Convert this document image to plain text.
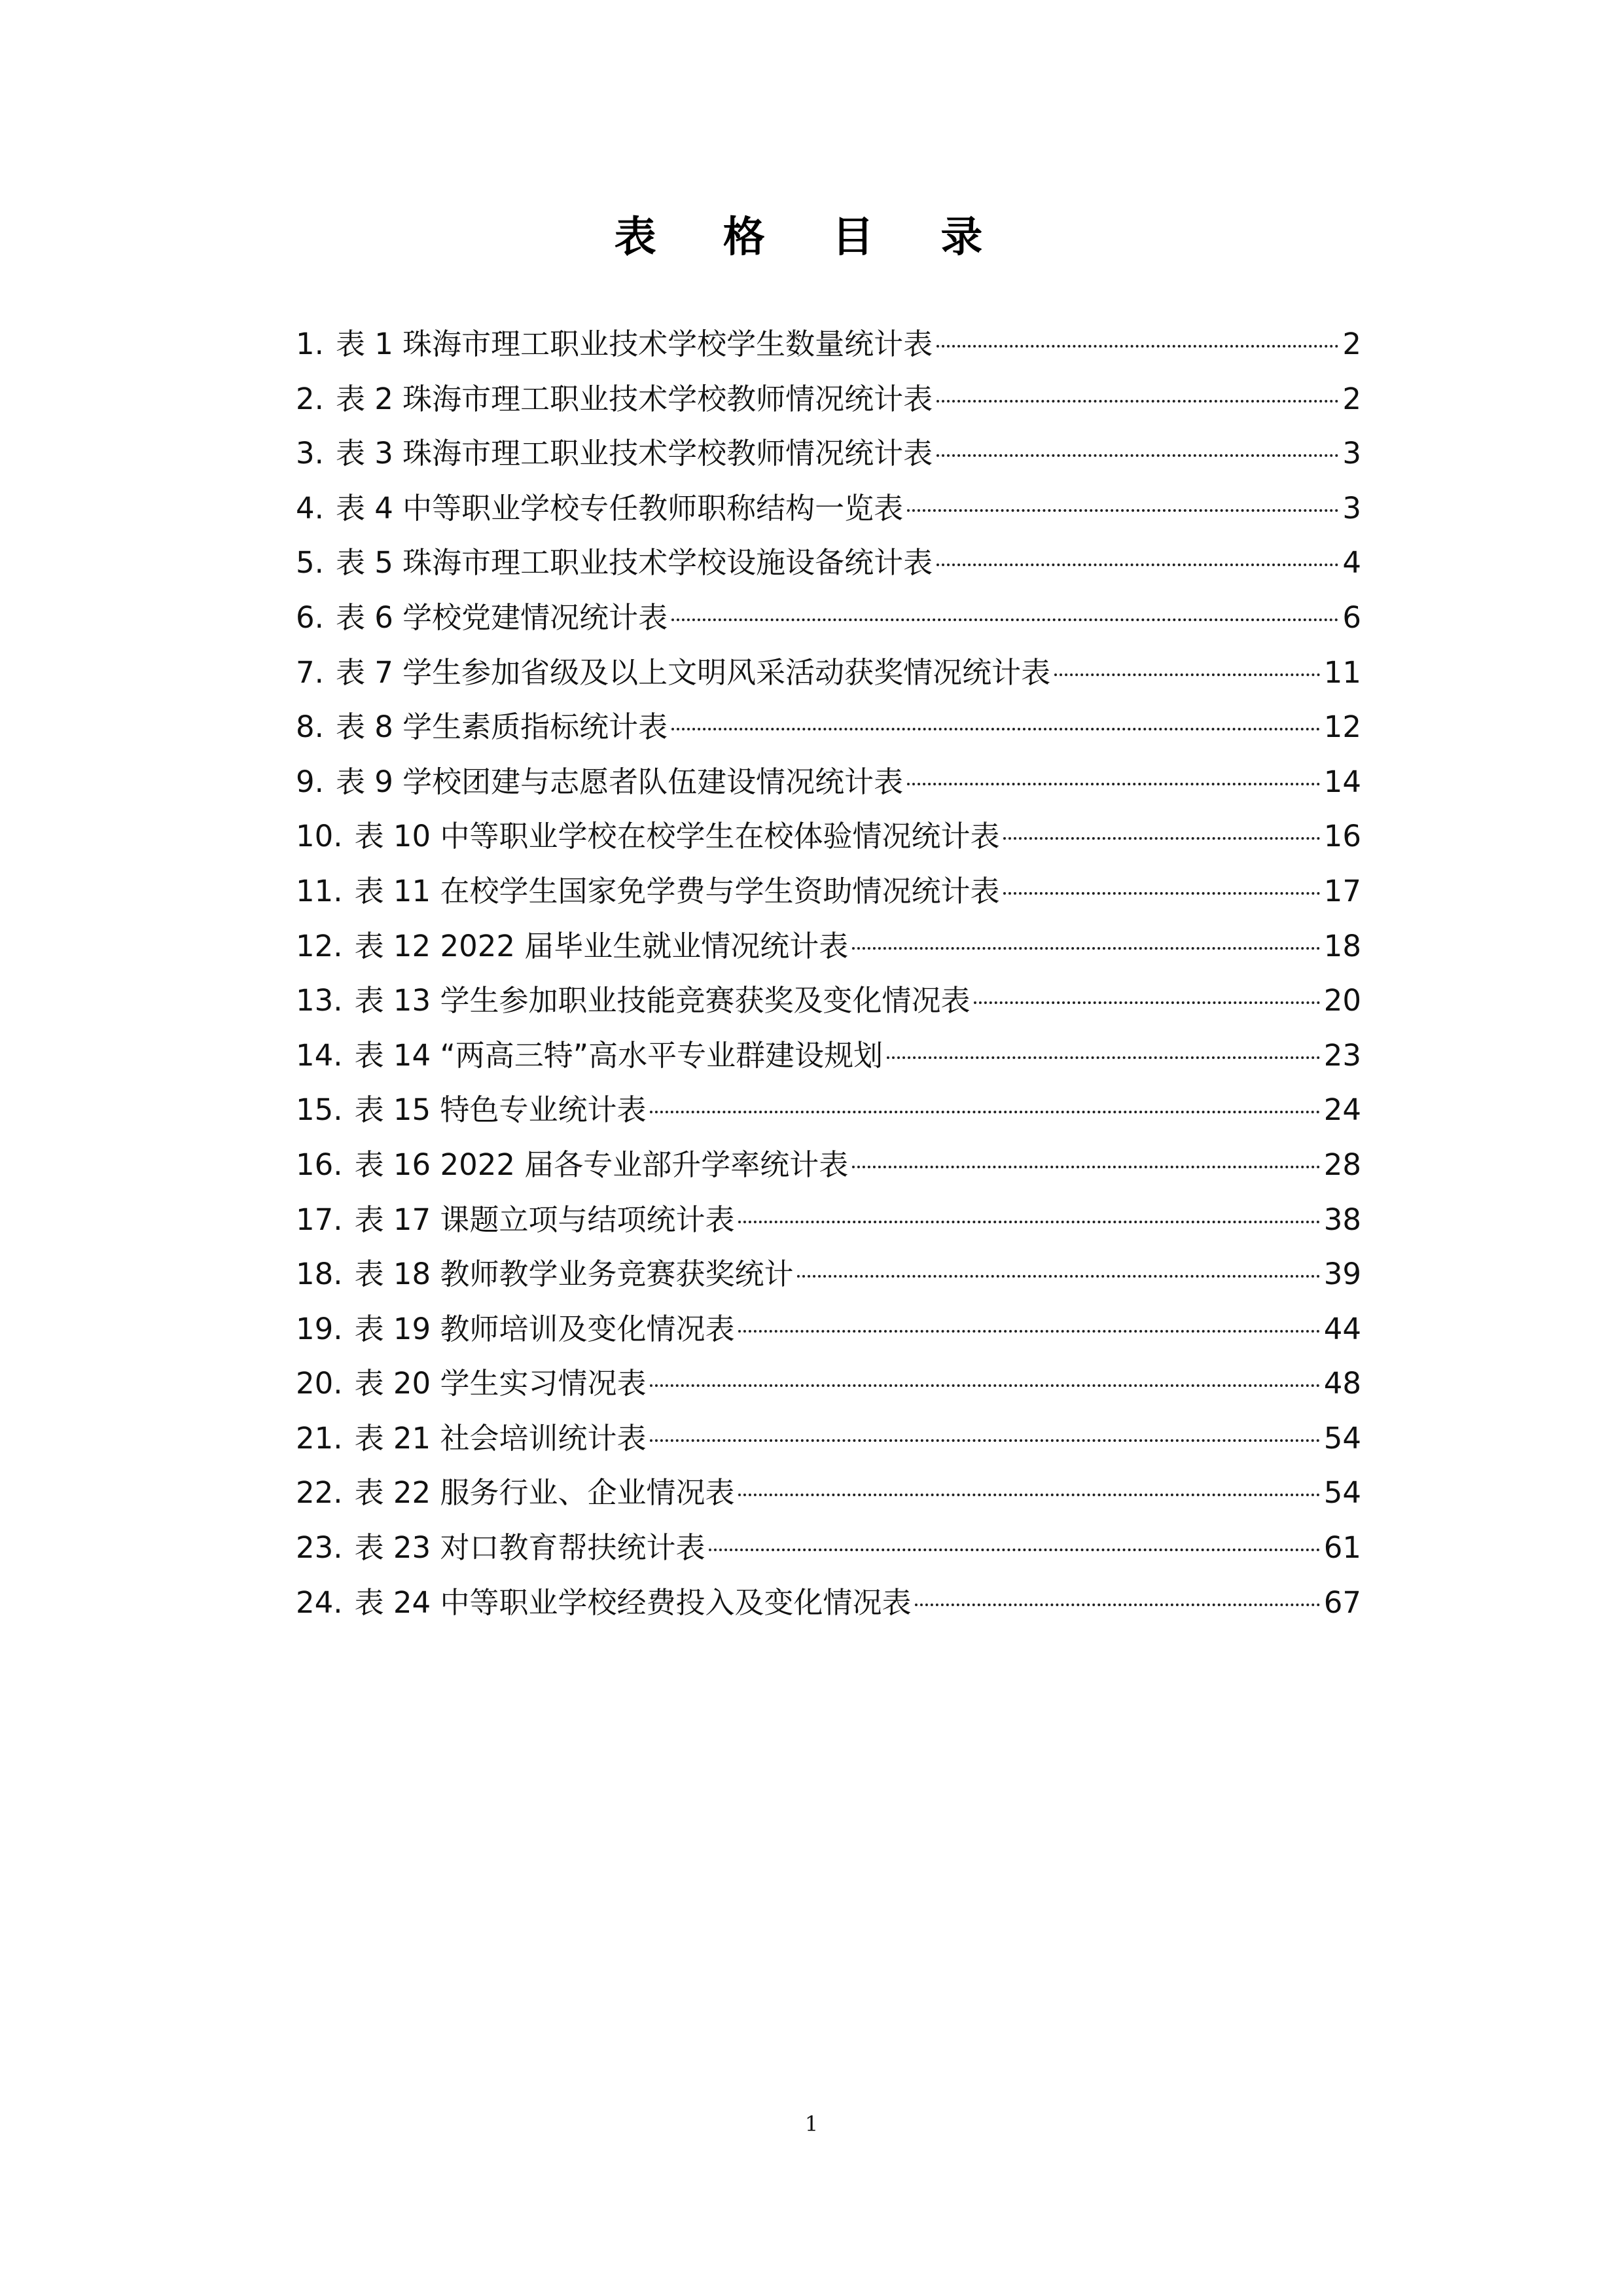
表 格 目 录
1. 表 1 珠海市理工职业技术学校学生数量统计表	2
2. 表 2 珠海市理工职业技术学校教师情况统计表	2
3. 表 3 珠海市理工职业技术学校教师情况统计表	3
4. 表 4 中等职业学校专任教师职称结构一览表	3
5. 表 5 珠海市理工职业技术学校设施设备统计表	4
6. 表 6 学校党建情况统计表	6
7. 表 7 学生参加省级及以上文明风采活动获奖情况统计表	11
8. 表 8 学生素质指标统计表	12
9. 表 9 学校团建与志愿者队伍建设情况统计表	14
10. 表 10 中等职业学校在校学生在校体验情况统计表	16
11. 表 11 在校学生国家免学费与学生资助情况统计表	17
12. 表 12 2022 届毕业生就业情况统计表	18
13. 表 13 学生参加职业技能竞赛获奖及变化情况表	20
14. 表 14 “两高三特”高水平专业群建设规划	23
15. 表 15 特色专业统计表	24
16. 表 16 2022 届各专业部升学率统计表	28
17. 表 17 课题立项与结项统计表	38
18. 表 18 教师教学业务竞赛获奖统计	39
19. 表 19 教师培训及变化情况表	44
20. 表 20 学生实习情况表	48
21. 表 21 社会培训统计表	54
22. 表 22 服务行业、企业情况表	54
23. 表 23 对口教育帮扶统计表	61
24. 表 24 中等职业学校经费投入及变化情况表	67
1
